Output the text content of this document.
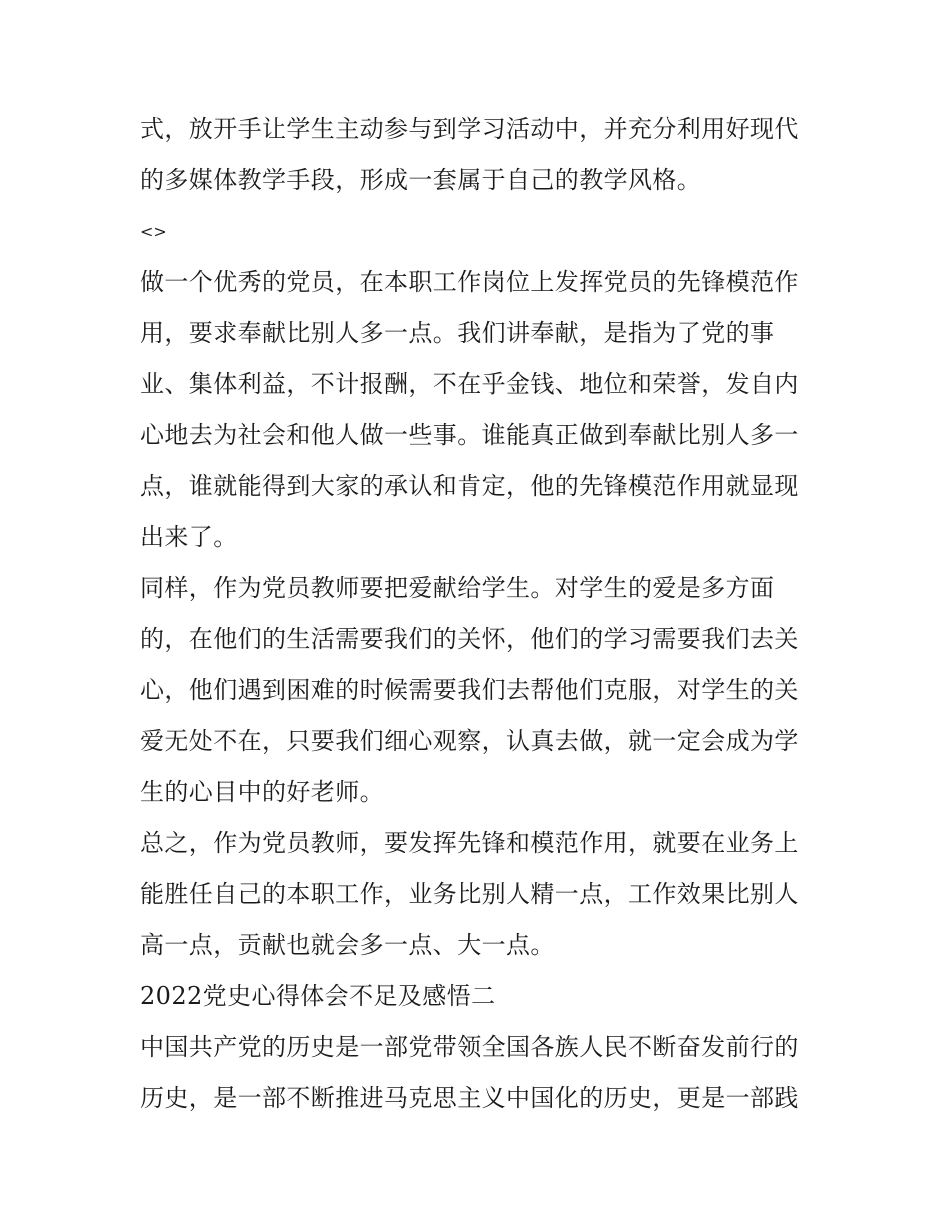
式，放开手让学生主动参与到学习活动中，并充分利用好现代
的多媒体教学手段，形成一套属于自己的教学风格。
<>
做一个优秀的党员，在本职工作岗位上发挥党员的先锋模范作
用，要求奉献比别人多一点。我们讲奉献，是指为了党的事
业、集体利益，不计报酬，不在乎金钱、地位和荣誉，发自内
心地去为社会和他人做一些事。谁能真正做到奉献比别人多一
点，谁就能得到大家的承认和肯定，他的先锋模范作用就显现
出来了。
同样，作为党员教师要把爱献给学生。对学生的爱是多方面
的，在他们的生活需要我们的关怀，他们的学习需要我们去关
心，他们遇到困难的时候需要我们去帮他们克服，对学生的关
爱无处不在，只要我们细心观察，认真去做，就一定会成为学
生的心目中的好老师。
总之，作为党员教师，要发挥先锋和模范作用，就要在业务上
能胜任自己的本职工作，业务比别人精一点，工作效果比别人
高一点，贡献也就会多一点、大一点。
2022党史心得体会不足及感悟二
中国共产党的历史是一部党带领全国各族人民不断奋发前行的
历史，是一部不断推进马克思主义中国化的历史，更是一部践
